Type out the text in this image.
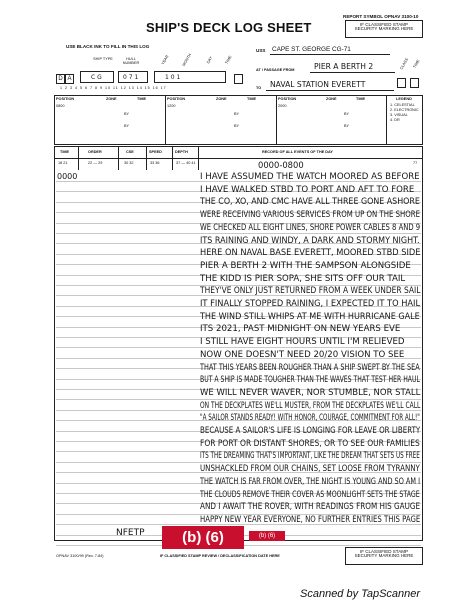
REPORT SYMBOL OPNAV 3100-10
IF CLASSIFIED STAMP
SECURITY MARKING HERE
SHIP'S DECK LOG SHEET
USE BLACK INK TO FILL IN THIS LOG
SHIP TYPE	HULL NUMBER	YEAR	MONTH	DAY	TIME
D A	C G	0 7 1	1 0 1
1 2 3 4 5 6 7 8 9 10 11 12 13 14 15 16 17
USS CAPE ST. GEORGE CG-71
AT / PASSAGE FROM	PIER A BERTH 2
TO NAVAL STATION EVERETT
CLASS TIME
POSITION	ZONE	TIME
0800
BY
BY
POSITION	ZONE	TIME
1200
BY
BY
POSITION	ZONE	TIME
2000
BY
BY
LEGEND
1. CELESTIAL
2. ELECTRONIC
3. VISUAL
4. DR
TIME	ORDER	CSE	SPEED	DEPTH	RECORD OF ALL EVENTS OF THE DAY
18 21	22 — 29	30 32	33 36	37 — 40 41	77
0000
0000-0800
I HAVE ASSUMED THE WATCH MOORED AS BEFORE
I HAVE WALKED STBD TO PORT AND AFT TO FORE
THE CO, XO, AND CMC HAVE ALL THREE GONE ASHORE
WERE RECEIVING VARIOUS SERVICES FROM UP ON THE SHORE
WE CHECKED ALL EIGHT LINES, SHORE POWER CABLES 8 AND 9
ITS RAINING AND WINDY, A DARK AND STORMY NIGHT.
HERE ON NAVAL BASE EVERETT, MOORED STBD SIDE
PIER A BERTH 2 WITH THE SAMPSON ALONGSIDE
THE KIDD IS PIER SOPA, SHE SITS OFF OUR TAIL
THEY'VE ONLY JUST RETURNED FROM A WEEK UNDER SAIL
IT FINALLY STOPPED RAINING, I EXPECTED IT TO HAIL
THE WIND STILL WHIPS AT ME WITH HURRICANE GALE
ITS 2021, PAST MIDNIGHT ON NEW YEARS EVE
I STILL HAVE EIGHT HOURS UNTIL I'M RELIEVED
NOW ONE DOESN'T NEED 20/20 VISION TO SEE
THAT THIS YEARS BEEN ROUGHER THAN A SHIP SWEPT BY THE SEA
BUT A SHIP IS MADE TOUGHER THAN THE WAVES THAT TEST HER HAUL
WE WILL NEVER WAVER, NOR STUMBLE, NOR STALL
ON THE DECKPLATES WE'LL MUSTER, FROM THE DECKPLATES WE'LL CALL
"A SAILOR STANDS READY! WITH HONOR, COURAGE, COMMITMENT FOR ALL!"
BECAUSE A SAILOR'S LIFE IS LONGING FOR LEAVE OR LIBERTY
FOR PORT OR DISTANT SHORES, OR TO SEE OUR FAMILIES
ITS THE DREAMING THAT'S IMPORTANT, LIKE THE DREAM THAT SETS US FREE
UNSHACKLED FROM OUR CHAINS, SET LOOSE FROM TYRANNY
THE WATCH IS FAR FROM OVER, THE NIGHT IS YOUNG AND SO AM I
THE CLOUDS REMOVE THEIR COVER AS MOONLIGHT SETS THE STAGE
AND I AWAIT THE ROVER, WITH READINGS FROM HIS GAUGE
HAPPY NEW YEAR EVERYONE, NO FURTHER ENTRIES THIS PAGE
NFETP	(b) (6)	(b) (6)
OPNAV 3100/99 (Rev. 7-84)	IF CLASSIFIED STAMP REVIEW / DECLASSIFICATION DATE HERE
IF CLASSIFIED STAMP
SECURITY MARKING HERE
Scanned by TapScanner
